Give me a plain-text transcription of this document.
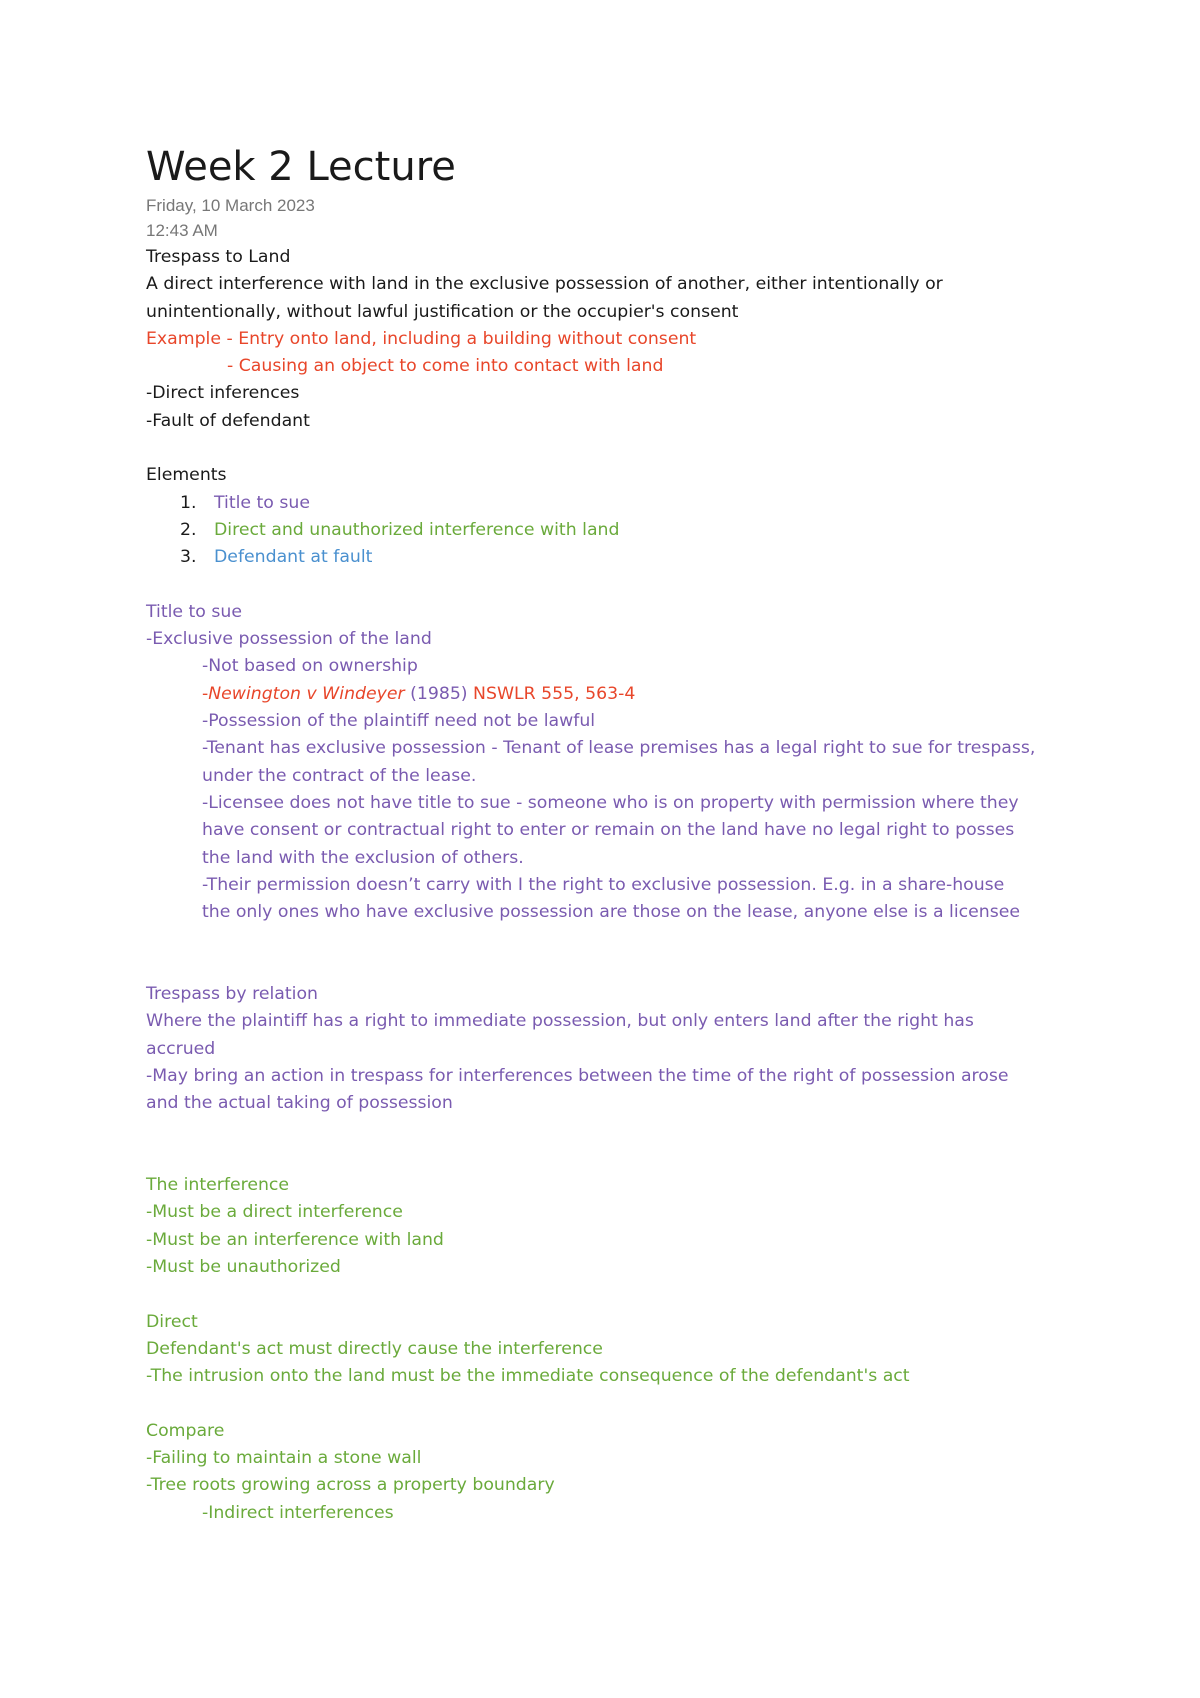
Week 2 Lecture
Friday, 10 March 2023
12:43 AM
Trespass to Land
A direct interference with land in the exclusive possession of another, either intentionally or
unintentionally, without lawful justification or the occupier's consent
Example - Entry onto land, including a building without consent
- Causing an object to come into contact with land
-Direct inferences
-Fault of defendant
Elements
1. Title to sue
2. Direct and unauthorized interference with land
3. Defendant at fault
Title to sue
-Exclusive possession of the land
-Not based on ownership
-Newington v Windeyer (1985) NSWLR 555, 563-4
-Possession of the plaintiff need not be lawful
-Tenant has exclusive possession - Tenant of lease premises has a legal right to sue for trespass,
under the contract of the lease.
-Licensee does not have title to sue - someone who is on property with permission where they
have consent or contractual right to enter or remain on the land have no legal right to posses
the land with the exclusion of others.
-Their permission doesn’t carry with I the right to exclusive possession. E.g. in a share-house
the only ones who have exclusive possession are those on the lease, anyone else is a licensee
Trespass by relation
Where the plaintiff has a right to immediate possession, but only enters land after the right has
accrued
-May bring an action in trespass for interferences between the time of the right of possession arose
and the actual taking of possession
The interference
-Must be a direct interference
-Must be an interference with land
-Must be unauthorized
Direct
Defendant's act must directly cause the interference
-The intrusion onto the land must be the immediate consequence of the defendant's act
Compare
-Failing to maintain a stone wall
-Tree roots growing across a property boundary
-Indirect interferences
